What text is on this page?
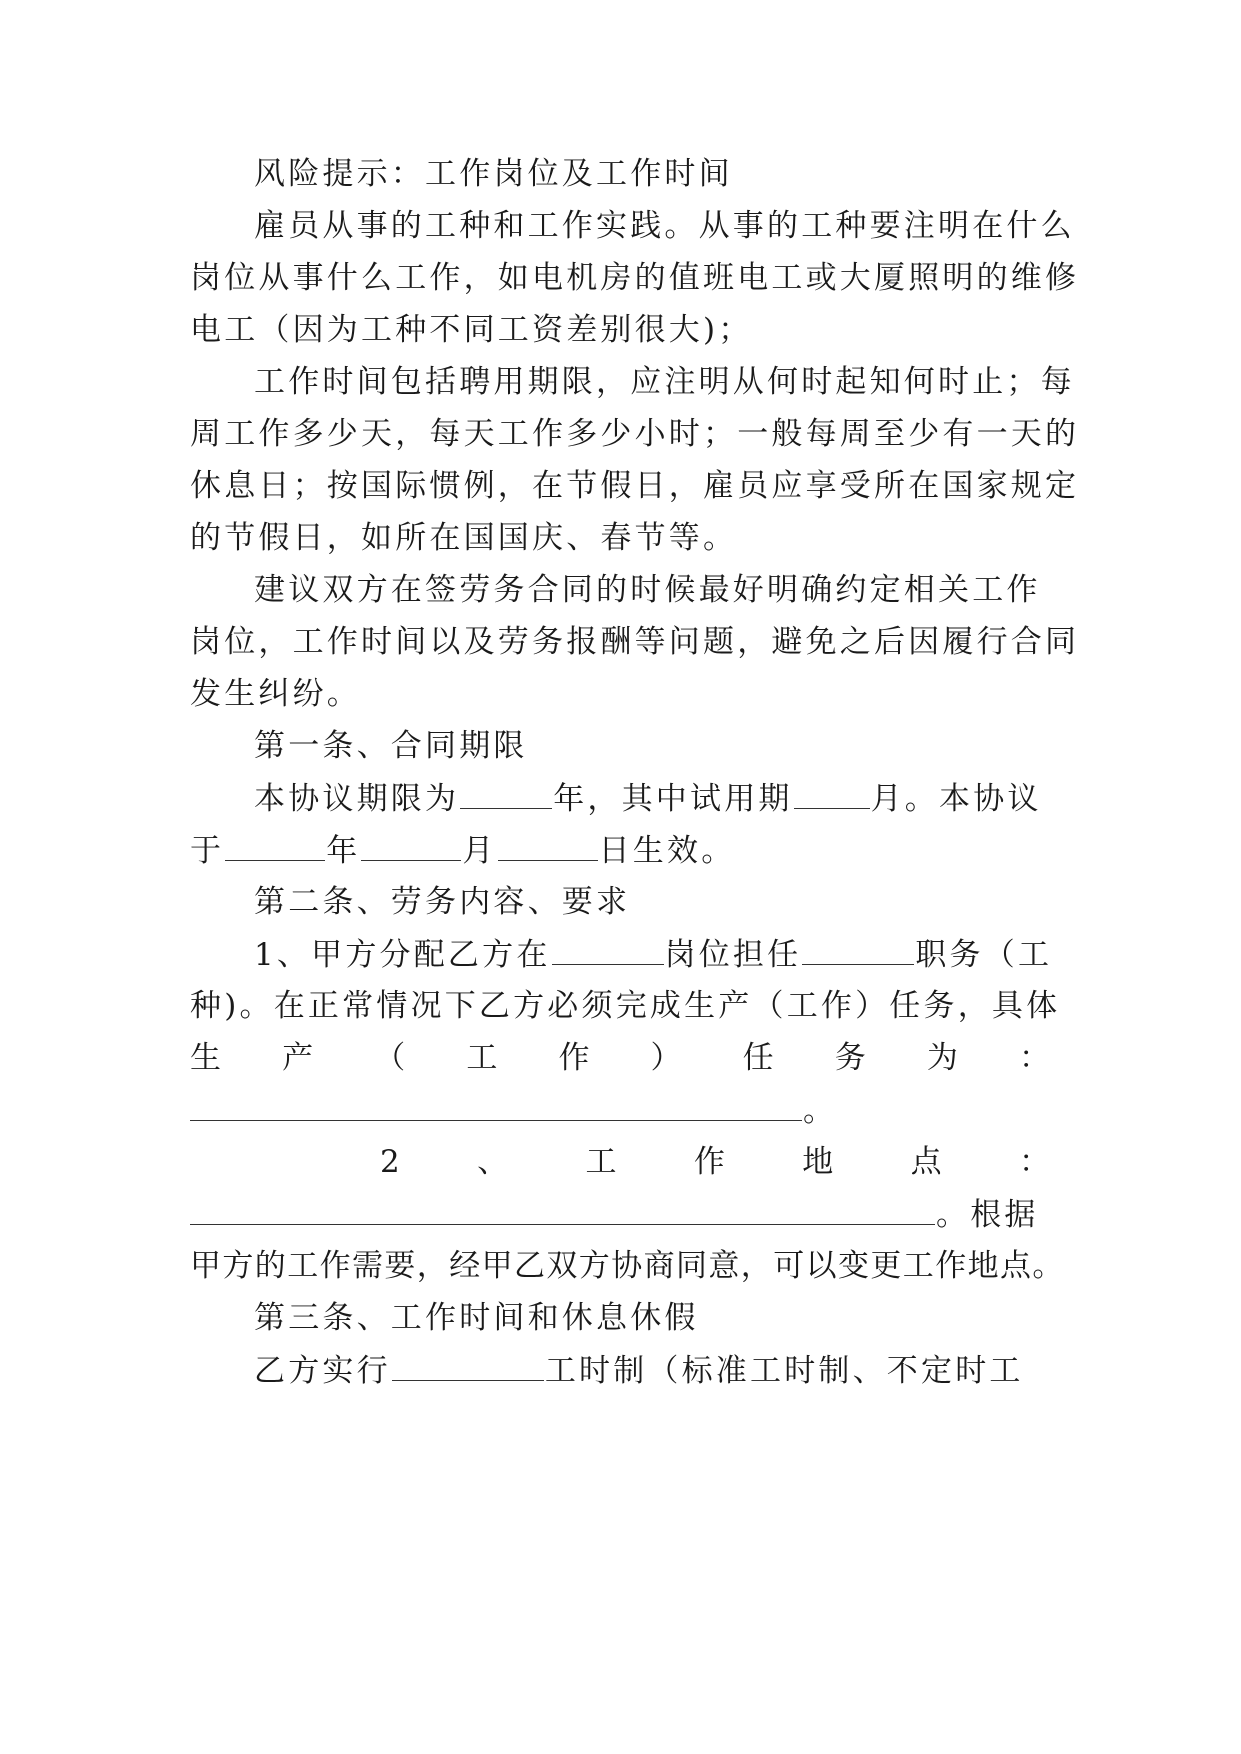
风险提示：工作岗位及工作时间
雇员从事的工种和工作实践。从事的工种要注明在什么
岗位从事什么工作，如电机房的值班电工或大厦照明的维修
电工（因为工种不同工资差别很大)；
工作时间包括聘用期限，应注明从何时起知何时止；每
周工作多少天，每天工作多少小时；一般每周至少有一天的
休息日；按国际惯例，在节假日，雇员应享受所在国家规定
的节假日，如所在国国庆、春节等。
建议双方在签劳务合同的时候最好明确约定相关工作
岗位，工作时间以及劳务报酬等问题，避免之后因履行合同
发生纠纷。
第一条、合同期限
本协议期限为	年，其中试用期	月。本协议
于	年	月	日生效。
第二条、劳务内容、要求
1、甲方分配乙方在	岗位担任	职务（工
种)。在正常情况下乙方必须完成生产（工作）任务，具体
生 产 （ 工 作 ） 任 务 为 ：
。
2 、 工 作 地 点 ：
。根据
甲方的工作需要，经甲乙双方协商同意，可以变更工作地点。
第三条、工作时间和休息休假
乙方实行	工时制（标准工时制、不定时工
